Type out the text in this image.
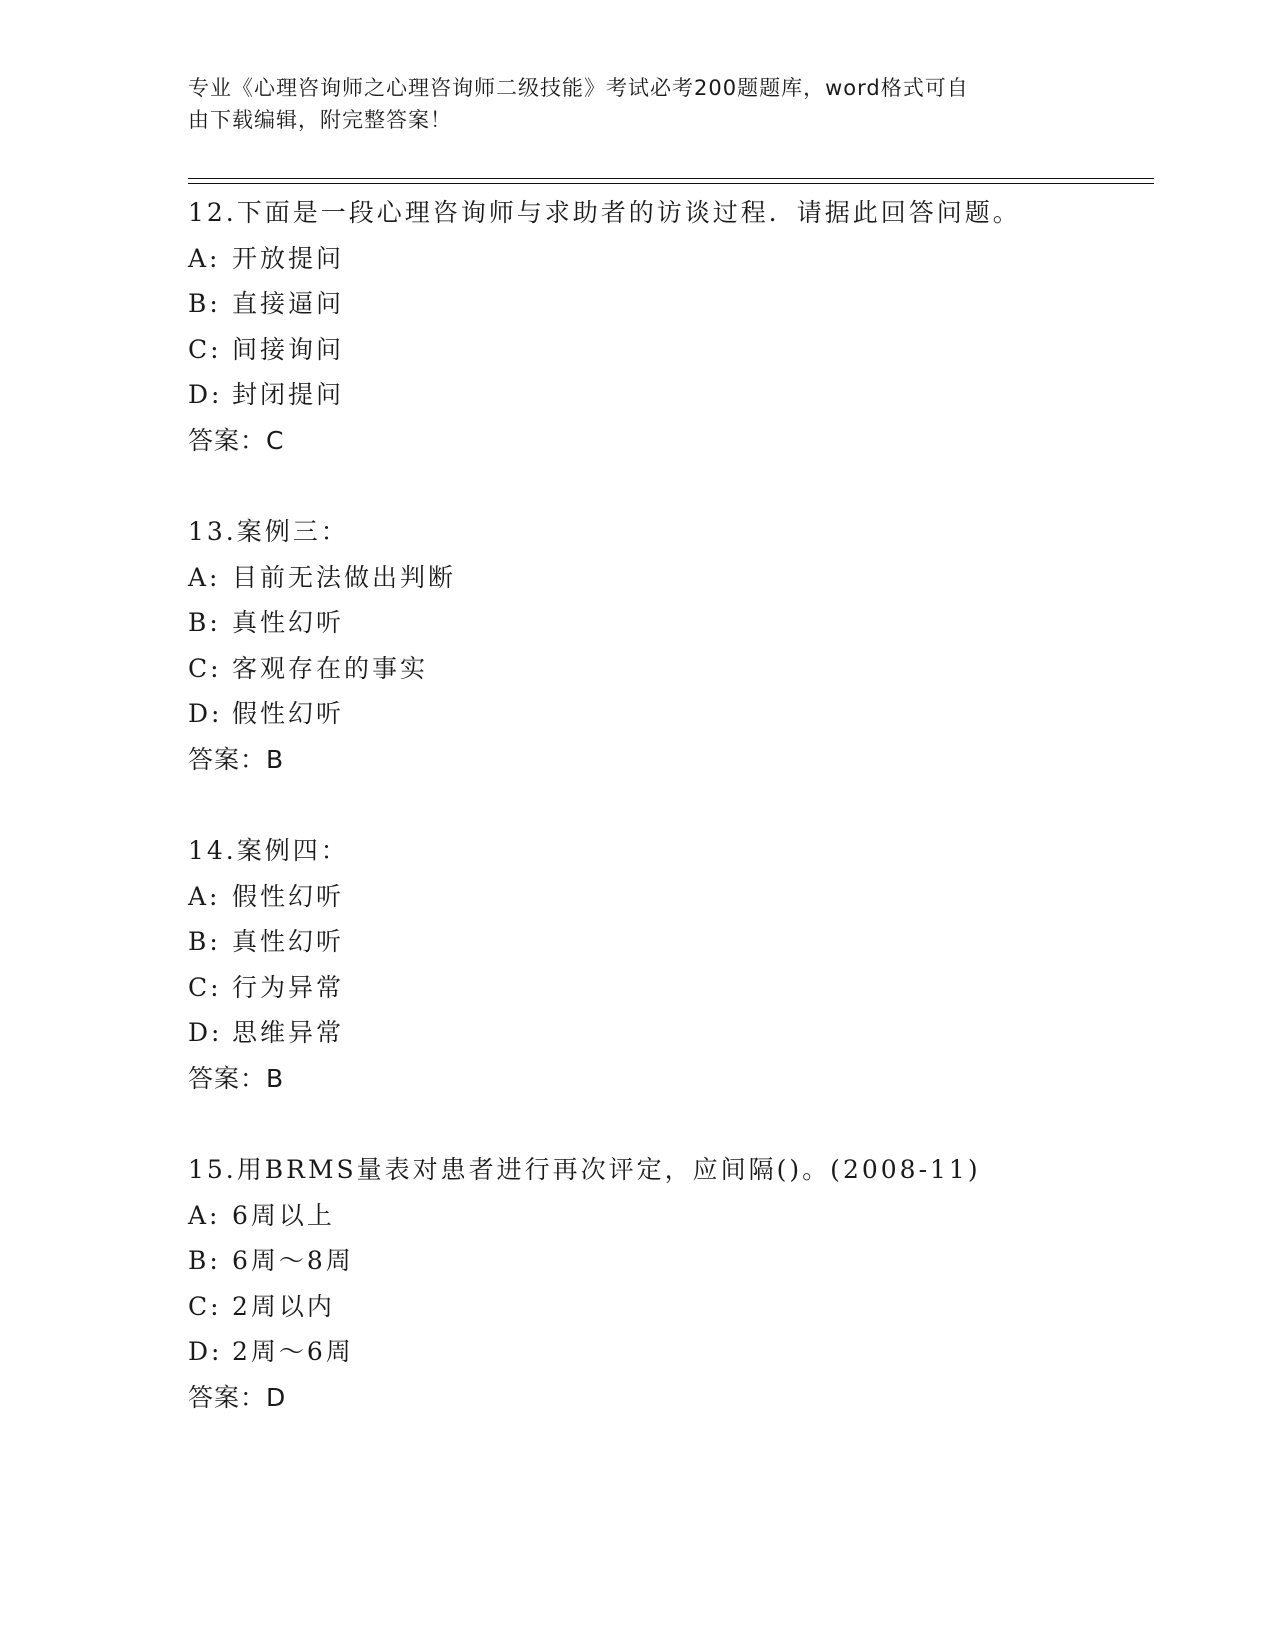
专业《心理咨询师之心理咨询师二级技能》考试必考200题题库，word格式可自
由下载编辑，附完整答案！
12.下面是一段心理咨询师与求助者的访谈过程．请据此回答问题。
A: 开放提问
B: 直接逼问
C: 间接询问
D: 封闭提问
答案：C
13.案例三：
A: 目前无法做出判断
B: 真性幻听
C: 客观存在的事实
D: 假性幻听
答案：B
14.案例四：
A: 假性幻听
B: 真性幻听
C: 行为异常
D: 思维异常
答案：B
15.用BRMS量表对患者进行再次评定，应间隔()。(2008-11)
A: 6周以上
B: 6周～8周
C: 2周以内
D: 2周～6周
答案：D
